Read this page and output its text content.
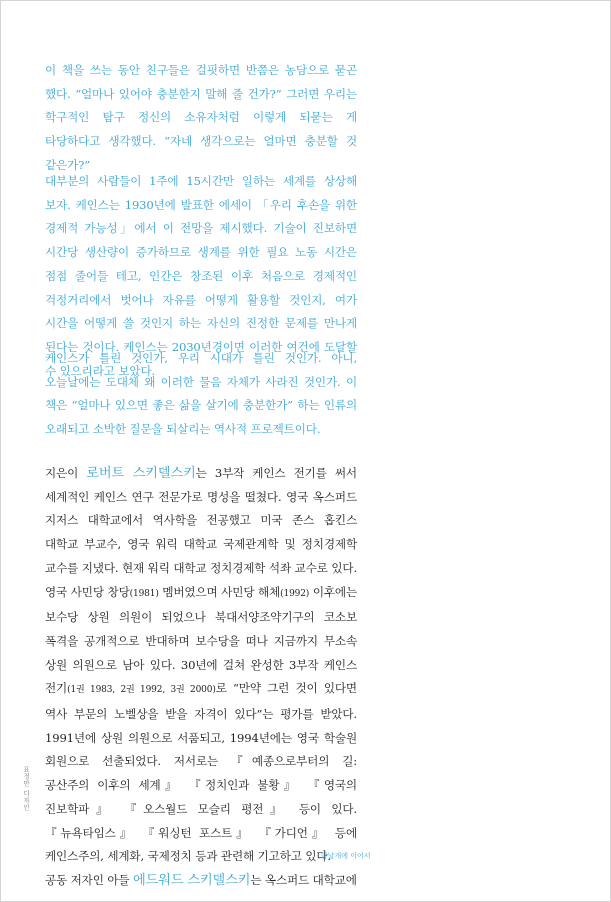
이 책을 쓰는 동안 친구들은 걸핏하면 반쯤은 농담으로 묻곤 했다. “얼마나 있어야 충분한지 말해 줄 건가?” 그러면 우리는 학구적인 탐구 정신의 소유자처럼 이렇게 되묻는 게 타당하다고 생각했다. “자네 생각으로는 얼마면 충분할 것 같은가?”

대부분의 사람들이 1주에 15시간만 일하는 세계를 상상해 보자. 케인스는 1930년에 발표한 에세이 「우리 후손을 위한 경제적 가능성」에서 이 전망을 제시했다. 기술이 진보하면 시간당 생산량이 증가하므로 생계를 위한 필요 노동 시간은 점점 줄어들 테고, 인간은 창조된 이후 처음으로 경제적인 걱정거리에서 벗어나 자유를 어떻게 활용할 것인지, 여가 시간을 어떻게 쓸 것인지 하는 자신의 진정한 문제를 만나게 된다는 것이다. 케인스는 2030년경이면 이러한 여건에 도달할 수 있으리라고 보았다.

케인스가 틀린 것인가, 우리 시대가 틀린 것인가. 아니, 오늘날에는 도대체 왜 이러한 물음 자체가 사라진 것인가. 이 책은 “얼마나 있으면 좋은 삶을 살기에 충분한가” 하는 인류의 오래되고 소박한 질문을 되살리는 역사적 프로젝트이다.

지은이 로버트 스키델스키는 3부작 케인스 전기를 써서 세계적인 케인스 연구 전문가로 명성을 떨쳤다. 영국 옥스퍼드 지저스 대학교에서 역사학을 전공했고 미국 존스 홉킨스 대학교 부교수, 영국 워릭 대학교 국제관계학 및 정치경제학 교수를 지냈다. 현재 워릭 대학교 정치경제학 석좌 교수로 있다. 영국 사민당 창당(1981) 멤버였으며 사민당 해체(1992) 이후에는 보수당 상원 의원이 되었으나 북대서양조약기구의 코소보 폭격을 공개적으로 반대하며 보수당을 떠나 지금까지 무소속 상원 의원으로 남아 있다. 30년에 걸쳐 완성한 3부작 케인스 전기(1권 1983, 2권 1992, 3권 2000)로 “만약 그런 것이 있다면 역사 부문의 노벨상을 받을 자격이 있다”는 평가를 받았다. 1991년에 상원 의원으로 서품되고, 1994년에는 영국 학술원 회원으로 선출되었다. 저서로는 『예종으로부터의 길: 공산주의 이후의 세계』 『정치인과 불황』 『영국의 진보학파』 『오스월드 모슬리 평전』 등이 있다. 『뉴욕타임스』 『워싱턴 포스트』 『가디언』 등에 케인스주의, 세계화, 국제정치 등과 관련해 기고하고 있다.
공동 저자인 아들 에드워드 스키델스키는 옥스퍼드 대학교에
표정만 디자인
앞날개에 이어서
